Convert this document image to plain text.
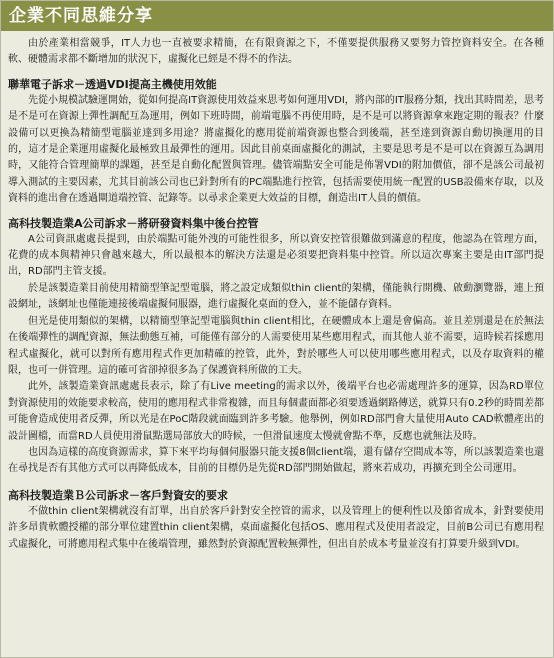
企業不同思維分享

由於產業相當競爭，IT人力也一直被要求精簡，在有限資源之下，不僅要提供服務又要努力管控資料安全。在各種軟、硬體需求都不斷增加的狀況下，虛擬化已經是不得不的作法。

聯華電子訴求－透過VDI提高主機使用效能

先從小規模試驗運開始，從如何提高IT資源使用效益來思考如何運用VDI，將內部的IT服務分類，找出其時間差，思考是不是可在資源上彈性調配互為運用，例如下班時間，前端電腦不再使用時，是不是可以將資源拿來跑定期的報表？什麼設備可以更換為精簡型電腦並達到多用途？將虛擬化的應用從前端資源也整合到後端，甚至達到資源自動切換運用的目的，這才是企業運用虛擬化最極致且最彈性的運用。因此目前桌面虛擬化的測試，主要是思考是不是可以在資源互為調用時，又能符合管理簡單的課題，甚至是自動化配置與管理。儘管端點安全可能是佈署VDI的附加價值，卻不是該公司最初導入測試的主要因素，尤其目前該公司也已針對所有的PC端點進行控管，包括需要使用統一配置的USB設備來存取，以及資料的進出會在透過閘道端控管、記錄等。以尋求企業更大效益的目標，創造出IT人員的價值。

高科技製造業A公司訴求－將研發資料集中後台控管

A公司資訊處處長提到，由於端點可能外洩的可能性很多，所以資安控管很難做到滿意的程度，他認為在管理方面，花費的成本與精神只會越來越大，所以最根本的解決方法還是必須要把資料集中控管。所以這次專案主要是由IT部門提出，RD部門主管支援。

於是該製造業目前使用精簡型筆記型電腦，將之設定成類似thin client的架構，僅能執行開機、啟動瀏覽器，連上預設網址，該網址也僅能連接後端虛擬伺服器，進行虛擬化桌面的登入，並不能儲存資料。

但光是使用類似的架構，以精簡型筆記型電腦與thin client相比，在硬體成本上還是會偏高。並且差別還是在於無法在後端彈性的調配資源，無法動態互補，可能僅有部分的人需要使用某些應用程式，而其他人並不需要，這時候若採應用程式虛擬化，就可以對所有應用程式作更加精確的控管，此外，對於哪些人可以使用哪些應用程式，以及存取資料的權限，也可一併管理。這的確可省卻掉很多為了保護資料所做的工夫。

此外，該製造業資訊處處長表示，除了有Live meeting的需求以外，後端平台也必需處理許多的運算，因為RD單位對資源使用的效能要求較高，使用的應用程式非常複雜，而且每個畫面都必須要透過網路傳送，就算只有0.2秒的時間差都可能會造成使用者反彈，所以光是在PoC階段就面臨到許多考驗。他舉例，例如RD部門會大量使用Auto CAD軟體產出的設計圖檔，而當RD人員使用滑鼠點選局部放大的時候，一但滑鼠速度太慢就會點不準，反應也就無法及時。

也因為這樣的高度資源需求，算下來平均每個伺服器只能支援8個client端，還有儲存空間成本等，所以該製造業也還在尋找是否有其他方式可以再降低成本，目前的目標仍是先從RD部門開始做起，將來若成功，再擴充到全公司運用。

高科技製造業Ｂ公司訴求－客戶對資安的要求

不做thin client架構就沒有訂單，出自於客戶針對安全控管的需求，以及管理上的便利性以及節省成本，針對要使用許多昂貴軟體授權的部分單位建置thin client架構，桌面虛擬化包括OS、應用程式及使用者設定，目前B公司已有應用程式虛擬化，可將應用程式集中在後端管理，雖然對於資源配置較無彈性，但出自於成本考量並沒有打算要升級到VDI。
